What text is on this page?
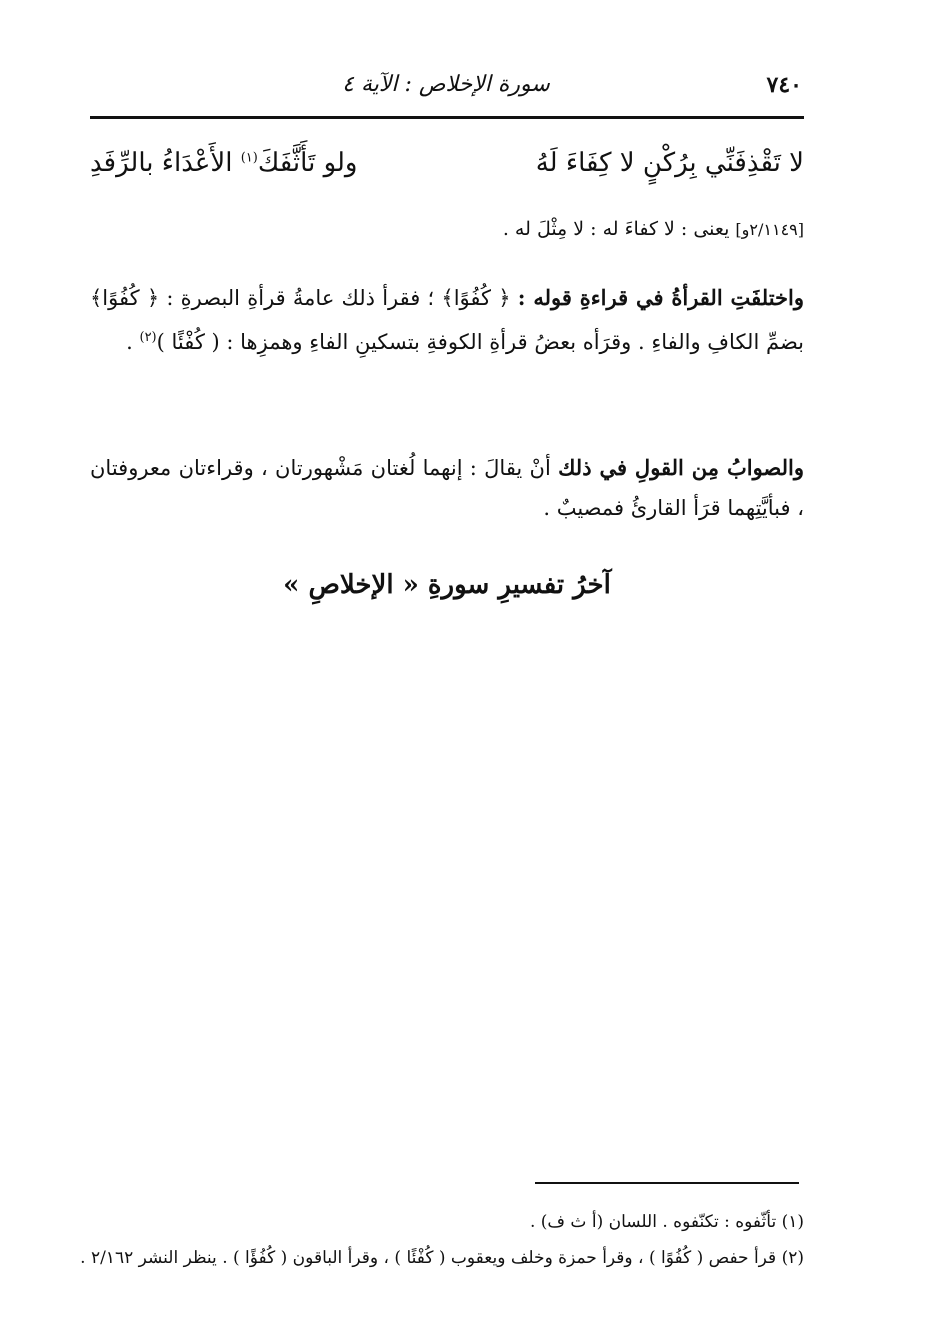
٧٤٠
سورة الإخلاص : الآية ٤
لا تَقْذِفَنِّي بِرُكْنٍ لا كِفَاءَ لَهُ
ولو تَأَثَّفَكَ$^{(١)}$ الأَعْدَاءُ بالرِّفَدِ
[٢/١١٤٩و] يعنى : لا كفاءَ له : لا مِثْلَ له .
واختلفَتِ القرأةُ في قراءةِ قوله : ﴿ كُفُوًا﴾ ؛ فقرأ ذلك عامةُ قرأةِ البصرةِ : ﴿ كُفُوًا﴾ بضمِّ الكافِ والفاءِ . وقرَأه بعضُ قرأةِ الكوفةِ بتسكينِ الفاءِ وهمزِها : ( كُفْئًا )$^{(٢)}$ .
والصوابُ مِن القولِ في ذلك أنْ يقالَ : إنهما لُغتان مَشْهورتان ، وقراءتان معروفتان ، فبأيَّتِهما قرَأ القارئُ فمصيبٌ .
آخرُ تفسيرِ سورةِ « الإخلاصِ »
(١) تأثّفوه : تكنّفوه . اللسان (أ ث ف) .
(٢) قرأ حفص ( كُفُوًا ) ، وقرأ حمزة وخلف ويعقوب ( كُفْئًا ) ، وقرأ الباقون ( كُفُؤًا ) . ينظر النشر ٢/١٦٢ .
